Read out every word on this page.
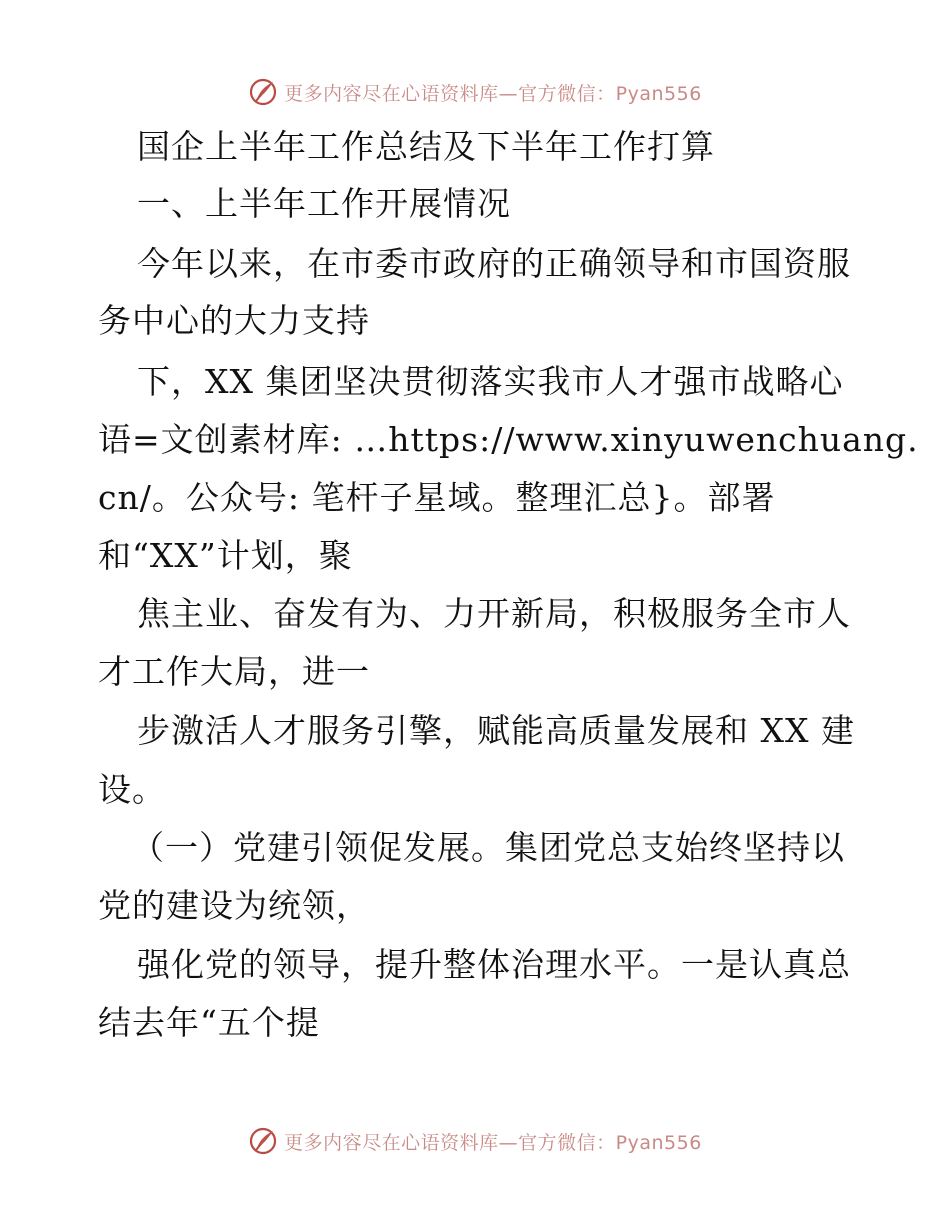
更多内容尽在心语资料库—官方微信：Pyan556
国企上半年工作总结及下半年工作打算
一、上半年工作开展情况
今年以来，在市委市政府的正确领导和市国资服
务中心的大力支持
下，XX 集团坚决贯彻落实我市人才强市战略心
语=文创素材库: …https://www.xinyuwenchuang.
cn/。公众号: 笔杆子星域。整理汇总}。部署
和“XX”计划，聚
焦主业、奋发有为、力开新局，积极服务全市人
才工作大局，进一
步激活人才服务引擎，赋能高质量发展和 XX 建
设。
（一）党建引领促发展。集团党总支始终坚持以
党的建设为统领，
强化党的领导，提升整体治理水平。一是认真总
结去年“五个提
更多内容尽在心语资料库—官方微信：Pyan556
